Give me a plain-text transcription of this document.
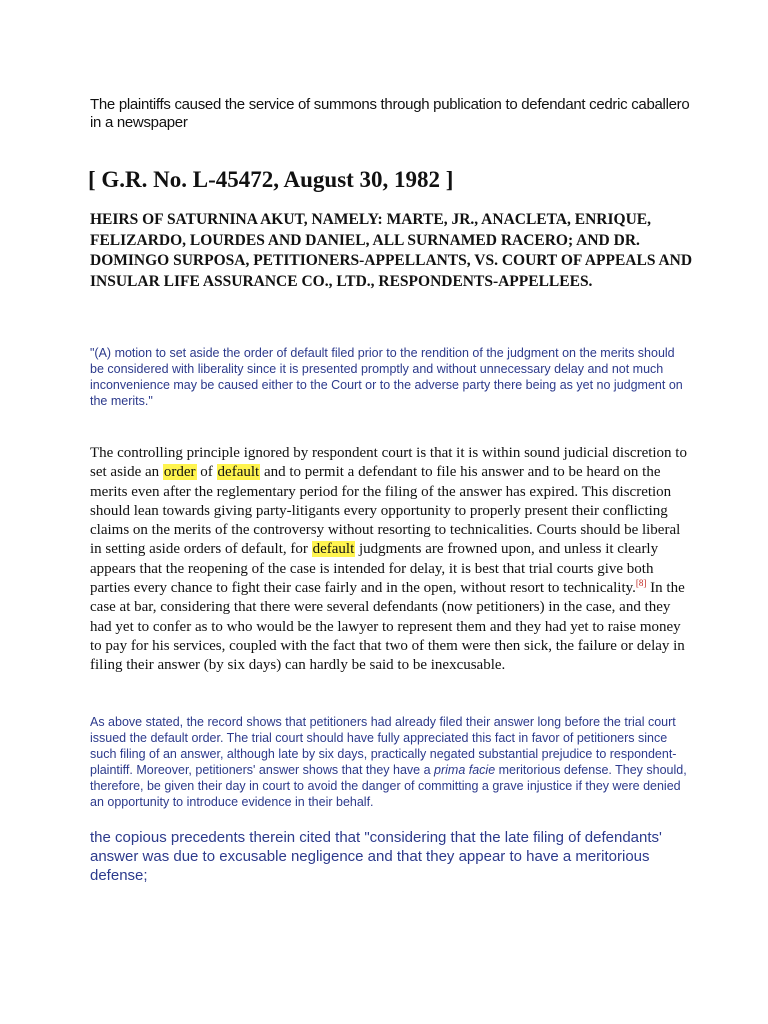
The plaintiffs caused the service of summons through publication to defendant cedric caballero in a newspaper
[ G.R. No. L-45472, August 30, 1982 ]
HEIRS OF SATURNINA AKUT, NAMELY: MARTE, JR., ANACLETA, ENRIQUE, FELIZARDO, LOURDES AND DANIEL, ALL SURNAMED RACERO; AND DR. DOMINGO SURPOSA, PETITIONERS-APPELLANTS, VS. COURT OF APPEALS AND INSULAR LIFE ASSURANCE CO., LTD., RESPONDENTS-APPELLEES.
"(A) motion to set aside the order of default filed prior to the rendition of the judgment on the merits should be considered with liberality since it is presented promptly and without unnecessary delay and not much inconvenience may be caused either to the Court or to the adverse party there being as yet no judgment on the merits."
The controlling principle ignored by respondent court is that it is within sound judicial discretion to set aside an order of default and to permit a defendant to file his answer and to be heard on the merits even after the reglementary period for the filing of the answer has expired. This discretion should lean towards giving party-litigants every opportunity to properly present their conflicting claims on the merits of the controversy without resorting to technicalities. Courts should be liberal in setting aside orders of default, for default judgments are frowned upon, and unless it clearly appears that the reopening of the case is intended for delay, it is best that trial courts give both parties every chance to fight their case fairly and in the open, without resort to technicality.[8] In the case at bar, considering that there were several defendants (now petitioners) in the case, and they had yet to confer as to who would be the lawyer to represent them and they had yet to raise money to pay for his services, coupled with the fact that two of them were then sick, the failure or delay in filing their answer (by six days) can hardly be said to be inexcusable.
As above stated, the record shows that petitioners had already filed their answer long before the trial court issued the default order. The trial court should have fully appreciated this fact in favor of petitioners since such filing of an answer, although late by six days, practically negated substantial prejudice to respondent-plaintiff. Moreover, petitioners' answer shows that they have a prima facie meritorious defense. They should, therefore, be given their day in court to avoid the danger of committing a grave injustice if they were denied an opportunity to introduce evidence in their behalf.
the copious precedents therein cited that "considering that the late filing of defendants' answer was due to excusable negligence and that they appear to have a meritorious defense;
